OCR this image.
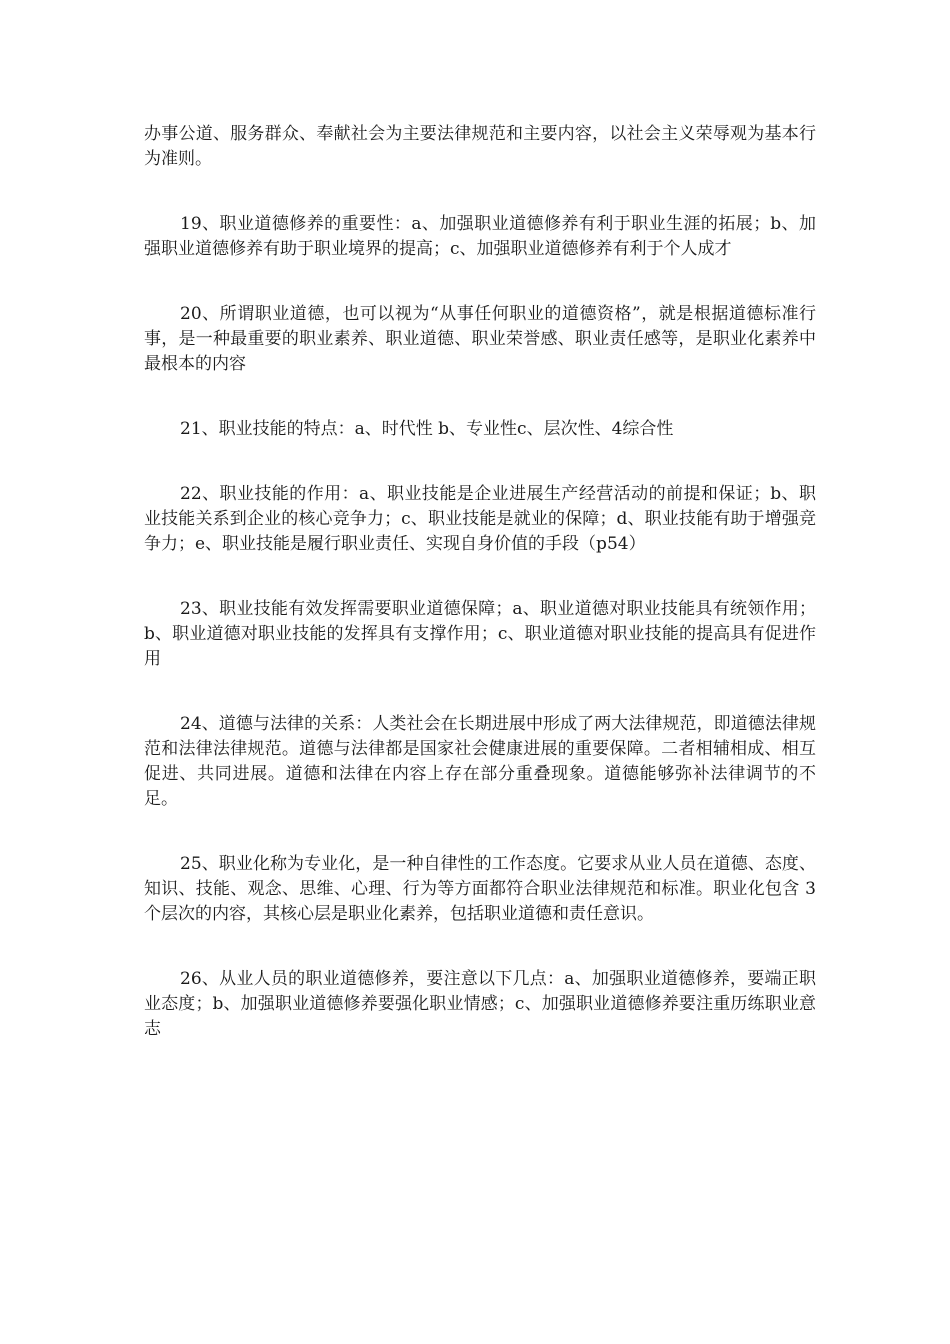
办事公道、服务群众、奉献社会为主要法律规范和主要内容，以社会主义荣辱观为基本行为准则。

19、职业道德修养的重要性：a、加强职业道德修养有利于职业生涯的拓展；b、加强职业道德修养有助于职业境界的提高；c、加强职业道德修养有利于个人成才

20、所谓职业道德，也可以视为“从事任何职业的道德资格”，就是根据道德标准行事，是一种最重要的职业素养、职业道德、职业荣誉感、职业责任感等，是职业化素养中最根本的内容

21、职业技能的特点：a、时代性 b、专业性c、层次性、4综合性

22、职业技能的作用：a、职业技能是企业进展生产经营活动的前提和保证；b、职业技能关系到企业的核心竞争力；c、职业技能是就业的保障；d、职业技能有助于增强竞争力；e、职业技能是履行职业责任、实现自身价值的手段（p54）

23、职业技能有效发挥需要职业道德保障；a、职业道德对职业技能具有统领作用；b、职业道德对职业技能的发挥具有支撑作用；c、职业道德对职业技能的提高具有促进作用

24、道德与法律的关系：人类社会在长期进展中形成了两大法律规范，即道德法律规范和法律法律规范。道德与法律都是国家社会健康进展的重要保障。二者相辅相成、相互促进、共同进展。道德和法律在内容上存在部分重叠现象。道德能够弥补法律调节的不足。

25、职业化称为专业化，是一种自律性的工作态度。它要求从业人员在道德、态度、知识、技能、观念、思维、心理、行为等方面都符合职业法律规范和标准。职业化包含 3 个层次的内容，其核心层是职业化素养，包括职业道德和责任意识。

26、从业人员的职业道德修养，要注意以下几点：a、加强职业道德修养，要端正职业态度；b、加强职业道德修养要强化职业情感；c、加强职业道德修养要注重历练职业意志
